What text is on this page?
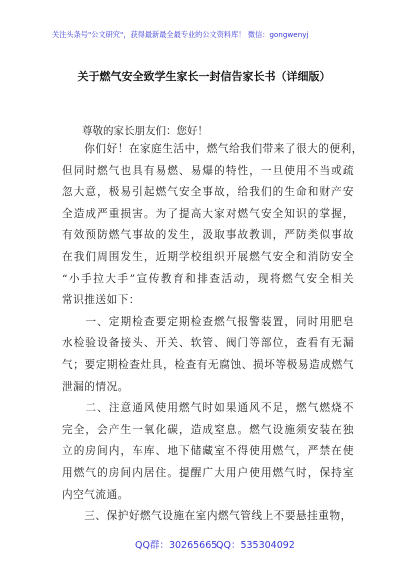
关注头条号"公文研究"，获得最新最全最专业的公文资料库！ 微信：gongwenyj
关于燃气安全致学生家长一封信告家长书（详细版）
尊敬的家长朋友们：您好！
　　你们好！在家庭生活中，燃气给我们带来了很大的便利，
但同时燃气也具有易燃、易爆的特性，一旦使用不当或疏
忽大意，极易引起燃气安全事故，给我们的生命和财产安
全造成严重损害。为了提高大家对燃气安全知识的掌握，
有效预防燃气事故的发生，汲取事故教训，严防类似事故
在我们周围发生，近期学校组织开展燃气安全和消防安全
“小手拉大手”宣传教育和排查活动，现将燃气安全相关
常识推送如下：
　　一、定期检查要定期检查燃气报警装置，同时用肥皂
水检验设备接头、开关、软管、阀门等部位，查看有无漏
气；要定期检查灶具，检查有无腐蚀、损坏等极易造成燃气
泄漏的情况。
　　二、注意通风使用燃气时如果通风不足，燃气燃烧不
完全，会产生一氧化碳，造成窒息。燃气设施须安装在独
立的房间内，车库、地下储藏室不得使用燃气，严禁在使
用燃气的房间内居住。提醒广大用户使用燃气时，保持室
内空气流通。
　　三、保护好燃气设施在室内燃气管线上不要悬挂重物，
QQ群：30265665
QQ：535304092
